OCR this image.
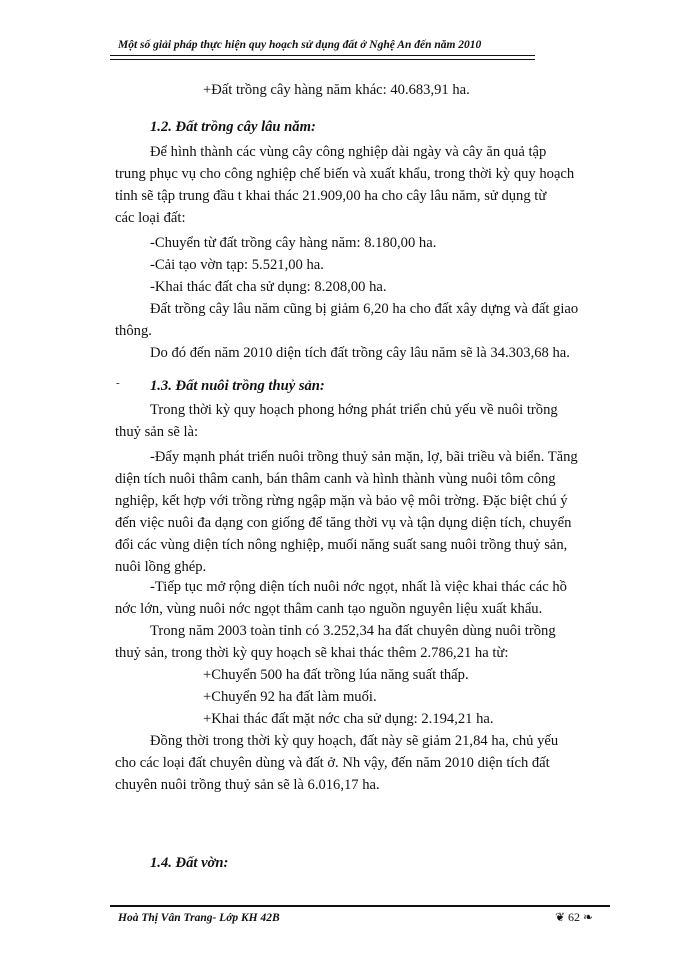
Một số giải pháp thực hiện quy hoạch sử dụng đất ở Nghệ An đến năm 2010
+Đất trồng cây hàng năm khác: 40.683,91 ha.
1.2. Đất trồng cây lâu năm:
Để hình thành các vùng cây công nghiệp dài ngày và cây ăn quả tập
trung phục vụ cho công nghiệp chế biến và xuất khẩu, trong thời kỳ quy hoạch
tỉnh sẽ tập trung đầu t khai thác 21.909,00 ha cho cây lâu năm, sử dụng từ
các loại đất:
-Chuyển từ đất trồng cây hàng năm: 8.180,00 ha.
-Cải tạo vờn tạp: 5.521,00 ha.
-Khai thác đất cha sử dụng: 8.208,00 ha.
Đất trồng cây lâu năm cũng bị giảm 6,20 ha cho đất xây dựng và đất giao
thông.
Do đó đến năm 2010 diện tích đất trồng cây lâu năm sẽ là 34.303,68 ha.
- 1.3. Đất nuôi trồng thuỷ sản:
Trong thời kỳ quy hoạch phong hớng phát triển chủ yếu về nuôi trồng
thuỷ sản sẽ là:
-Đẩy mạnh phát triển nuôi trồng thuỷ sản mặn, lợ, bãi triều và biển. Tăng
diện tích nuôi thâm canh, bán thâm canh và hình thành vùng nuôi tôm công
nghiệp, kết hợp với trồng rừng ngập mặn và bảo vệ môi trờng. Đặc biệt chú ý
đến việc nuôi đa dạng con giống để tăng thời vụ và tận dụng diện tích, chuyển
đổi các vùng diện tích nông nghiệp, muối năng suất sang nuôi trồng thuỷ sản,
nuôi lồng ghép.
-Tiếp tục mở rộng diện tích nuôi nớc ngọt, nhất là việc khai thác các hồ
nớc lớn, vùng nuôi nớc ngọt thâm canh tạo nguồn nguyên liệu xuất khẩu.
Trong năm 2003 toàn tỉnh có 3.252,34 ha đất chuyên dùng nuôi trồng
thuỷ sản, trong thời kỳ quy hoạch sẽ khai thác thêm 2.786,21 ha từ:
+Chuyển 500 ha đất trồng lúa năng suất thấp.
+Chuyển 92 ha đất làm muối.
+Khai thác đất mặt nớc cha sử dụng: 2.194,21 ha.
Đồng thời trong thời kỳ quy hoạch, đất này sẽ giảm 21,84 ha, chủ yếu
cho các loại đất chuyên dùng và đất ở. Nh vậy, đến năm 2010 diện tích đất
chuyên nuôi trồng thuỷ sản sẽ là 6.016,17 ha.
1.4. Đất vờn:
Hoà Thị Vân Trang- Lớp KH 42B	❦ 62 ❧
